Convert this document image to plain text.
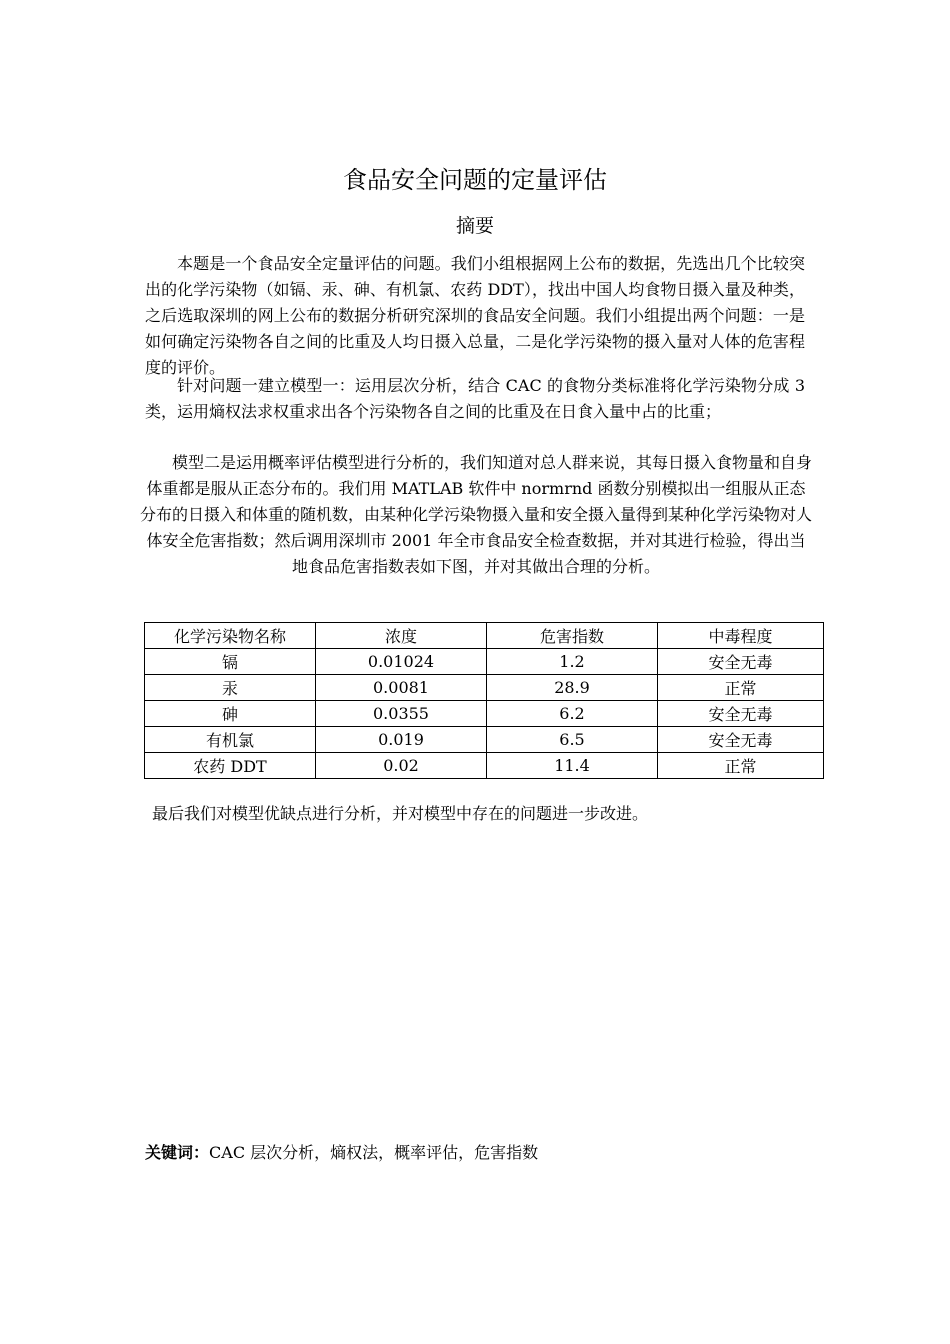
食品安全问题的定量评估
摘要

本题是一个食品安全定量评估的问题。我们小组根据网上公布的数据，先选出几个比较突出的化学污染物（如镉、汞、砷、有机氯、农药 DDT），找出中国人均食物日摄入量及种类，之后选取深圳的网上公布的数据分析研究深圳的食品安全问题。我们小组提出两个问题：一是如何确定污染物各自之间的比重及人均日摄入总量，二是化学污染物的摄入量对人体的危害程度的评价。

针对问题一建立模型一：运用层次分析，结合 CAC 的食物分类标准将化学污染物分成 3 类，运用熵权法求权重求出各个污染物各自之间的比重及在日食入量中占的比重；

模型二是运用概率评估模型进行分析的，我们知道对总人群来说，其每日摄入食物量和自身体重都是服从正态分布的。我们用 MATLAB 软件中 normrnd 函数分别模拟出一组服从正态分布的日摄入和体重的随机数，由某种化学污染物摄入量和安全摄入量得到某种化学污染物对人体安全危害指数；然后调用深圳市 2001 年全市食品安全检查数据，并对其进行检验，得出当地食品危害指数表如下图，并对其做出合理的分析。

化学污染物名称	浓度	危害指数	中毒程度
镉	0.01024	1.2	安全无毒
汞	0.0081	28.9	正常
砷	0.0355	6.2	安全无毒
有机氯	0.019	6.5	安全无毒
农药 DDT	0.02	11.4	正常

最后我们对模型优缺点进行分析，并对模型中存在的问题进一步改进。

关键词：CAC 层次分析，熵权法，概率评估，危害指数
